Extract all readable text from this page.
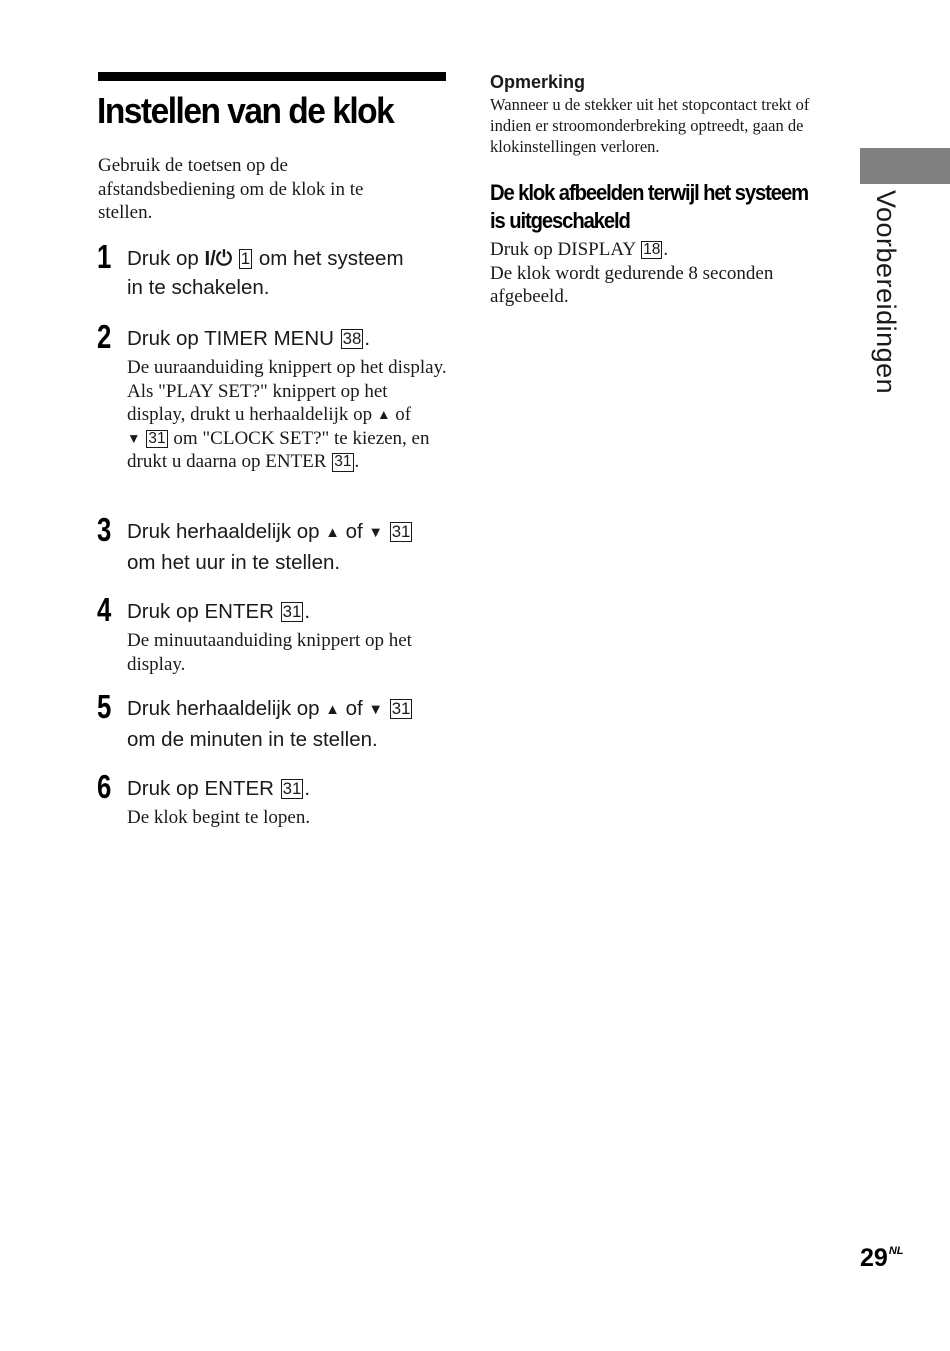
Instellen van de klok

Gebruik de toetsen op de afstandsbediening om de klok in te stellen.

1 Druk op I/⏻ 1 om het systeem
in te schakelen.

2 Druk op TIMER MENU 38 .

De uuraanduiding knippert op het display.
Als "PLAY SET?" knippert op het display, drukt u herhaaldelijk op ▲ of
▼ 31 om "CLOCK SET?" te kiezen, en drukt u daarna op ENTER 31 .

3 Druk herhaaldelijk op ▲ of ▼ 31
om het uur in te stellen.

4 Druk op ENTER 31 .

De minuutaanduiding knippert op het display.

5 Druk herhaaldelijk op ▲ of ▼ 31
om de minuten in te stellen.

6 Druk op ENTER 31 .

De klok begint te lopen.

Opmerking

Wanneer u de stekker uit het stopcontact trekt of indien er stroomonderbreking optreedt, gaan de klokinstellingen verloren.

De klok afbeelden terwijl het systeem
is uitgeschakeld

Druk op DISPLAY 18 .
De klok wordt gedurende 8 seconden afgebeeld.	Voorbereidingen

$29^{NL}$
